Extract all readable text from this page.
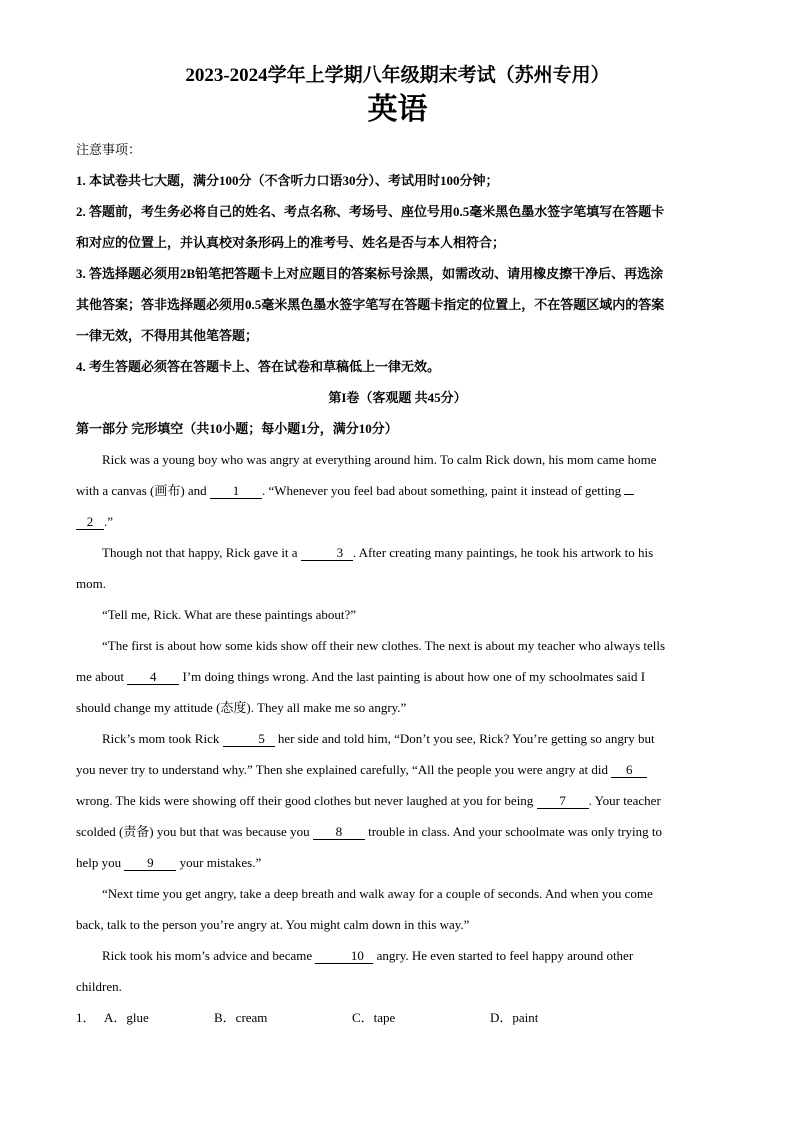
2023-2024学年上学期八年级期末考试（苏州专用）

英语

注意事项：

1. 本试卷共七大题，满分100分（不含听力口语30分）、考试用时100分钟；

2. 答题前，考生务必将自己的姓名、考点名称、考场号、座位号用0.5毫米黑色墨水签字笔填写在答题卡

和对应的位置上，并认真校对条形码上的准考号、姓名是否与本人相符合；

3. 答选择题必须用2B铅笔把答题卡上对应题目的答案标号涂黑，如需改动、请用橡皮擦干净后、再选涂

其他答案；答非选择题必须用0.5毫米黑色墨水签字笔写在答题卡指定的位置上，不在答题区域内的答案

一律无效，不得用其他笔答题；

4. 考生答题必须答在答题卡上、答在试卷和草稿低上一律无效。

第I卷（客观题 共45分）

第一部分 完形填空（共10小题；每小题1分，满分10分）

Rick was a young boy who was angry at everything around him. To calm Rick down, his mom came home

with a canvas (画布) and 1 . “Whenever you feel bad about something, paint it instead of getting

2 .”

Though not that happy, Rick gave it a	3 . After creating many paintings, he took his artwork to his

mom.

“Tell me, Rick. What are these paintings about?”

“The first is about how some kids show off their new clothes. The next is about my teacher who always tells

me about 4 I’m doing things wrong. And the last painting is about how one of my schoolmates said I

should change my attitude (态度). They all make me so angry.”

Rick’s mom took Rick	5 her side and told him, “Don’t you see, Rick? You’re getting so angry but

you never try to understand why.” Then she explained carefully, “All the people you were angry at did 6

wrong. The kids were showing off their good clothes but never laughed at you for being 7 . Your teacher

scolded (责备) you but that was because you 8 trouble in class. And your schoolmate was only trying to

help you 9 your mistakes.”

“Next time you get angry, take a deep breath and walk away for a couple of seconds. And when you come

back, talk to the person you’re angry at. You might calm down in this way.”

Rick took his mom’s advice and became	10 angry. He even started to feel happy around other

children.

1． A．glue	B．cream	C．tape	D．paint
